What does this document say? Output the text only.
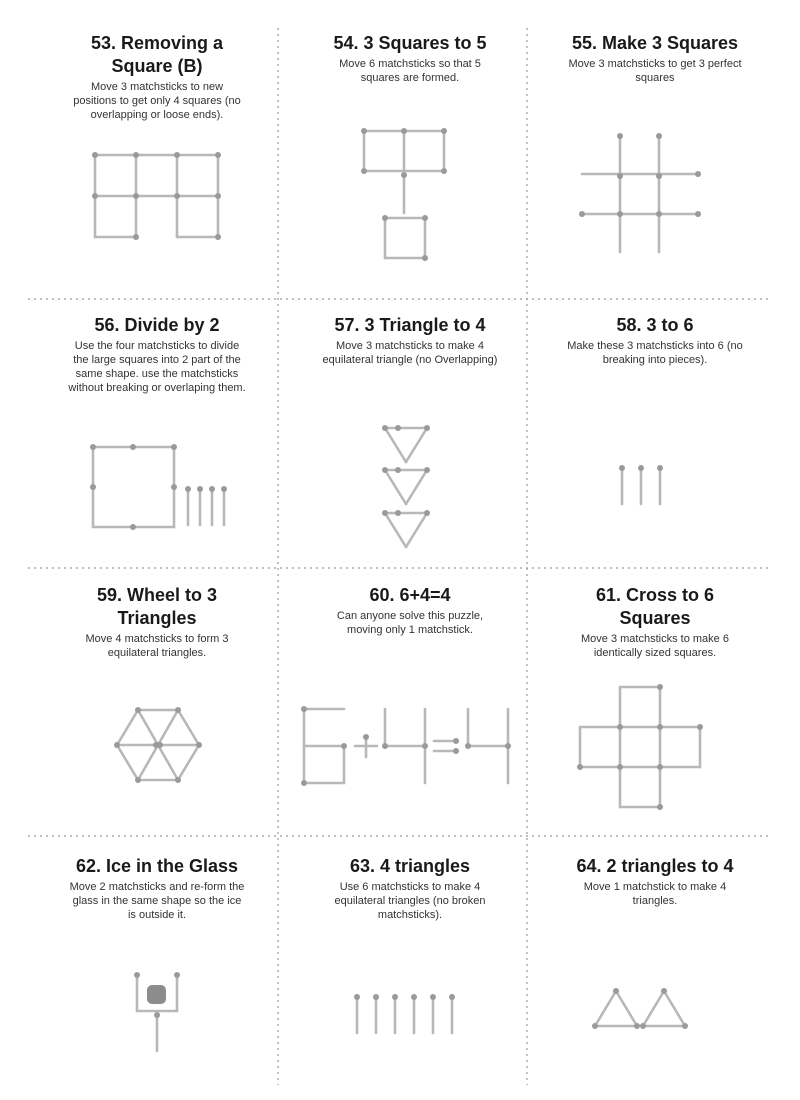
53. Removing a Square (B)

Move 3 matchsticks to new positions to get only 4 squares (no overlapping or loose ends).

54. 3 Squares to 5

Move 6 matchsticks so that 5 squares are formed.

55. Make 3 Squares

Move 3 matchsticks to get 3 perfect squares

56. Divide by 2

Use the four matchsticks to divide the large squares into 2 part of the same shape. use the matchsticks without breaking or overlaping them.

57. 3 Triangle to 4

Move 3 matchsticks to make 4 equilateral triangle (no Overlapping)

58. 3 to 6

Make these 3 matchsticks into 6 (no breaking into pieces).

59. Wheel to 3 Triangles

Move 4 matchsticks to form 3 equilateral triangles.

60. 6+4=4

Can anyone solve this puzzle, moving only 1 matchstick.

61. Cross to 6 Squares

Move 3 matchsticks to make 6 identically sized squares.

62. Ice in the Glass

Move 2 matchsticks and re-form the glass in the same shape so the ice is outside it.

63. 4 triangles

Use 6 matchsticks to make 4 equilateral triangles (no broken matchsticks).

64. 2 triangles to 4

Move 1 matchstick to make 4 triangles.
